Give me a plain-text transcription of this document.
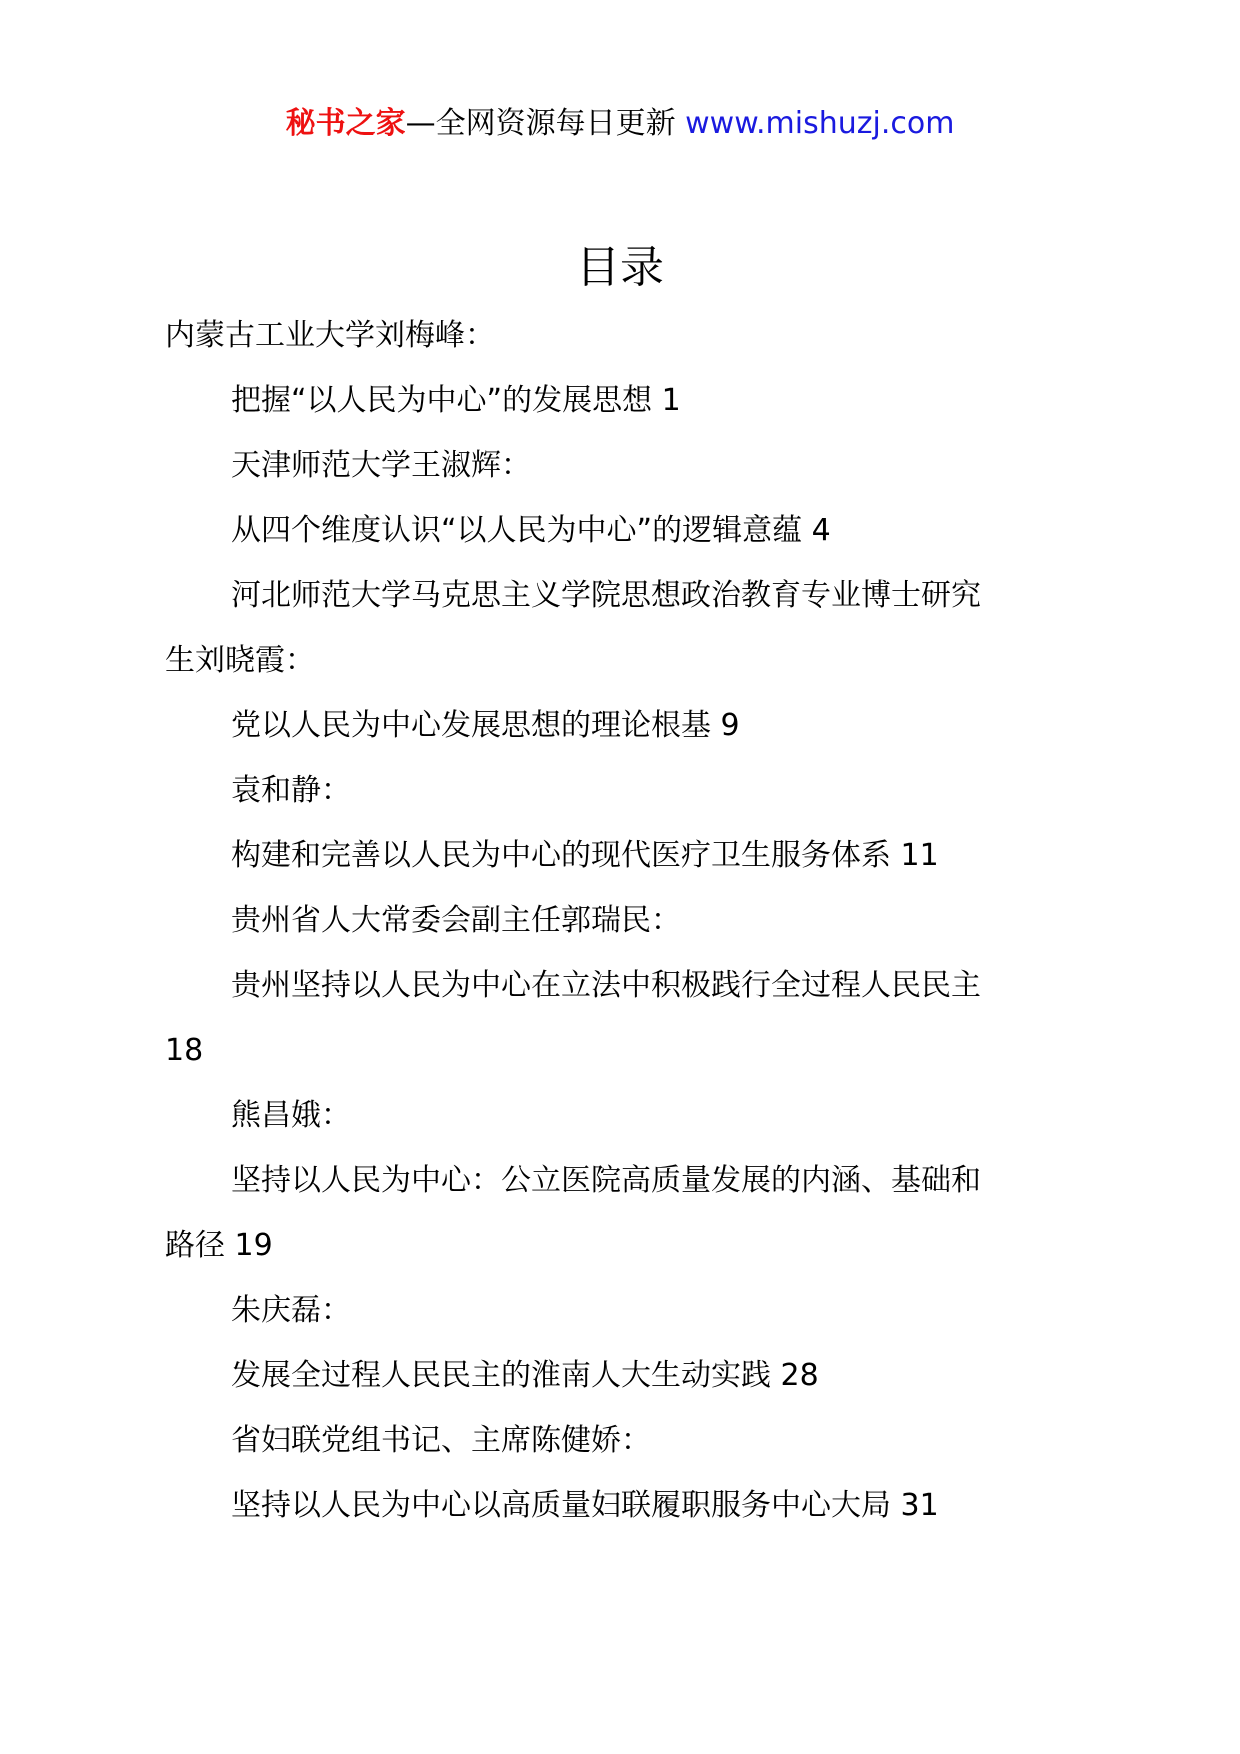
秘书之家—全网资源每日更新 www.mishuzj.com
目录

内蒙古工业大学刘梅峰：

把握“以人民为中心”的发展思想 1

天津师范大学王淑辉：

从四个维度认识“以人民为中心”的逻辑意蕴 4

河北师范大学马克思主义学院思想政治教育专业博士研究

生刘晓霞：

党以人民为中心发展思想的理论根基 9

袁和静：

构建和完善以人民为中心的现代医疗卫生服务体系 11

贵州省人大常委会副主任郭瑞民：

贵州坚持以人民为中心在立法中积极践行全过程人民民主

18

熊昌娥：

坚持以人民为中心：公立医院高质量发展的内涵、基础和

路径 19

朱庆磊：

发展全过程人民民主的淮南人大生动实践 28

省妇联党组书记、主席陈健娇：

坚持以人民为中心以高质量妇联履职服务中心大局 31
